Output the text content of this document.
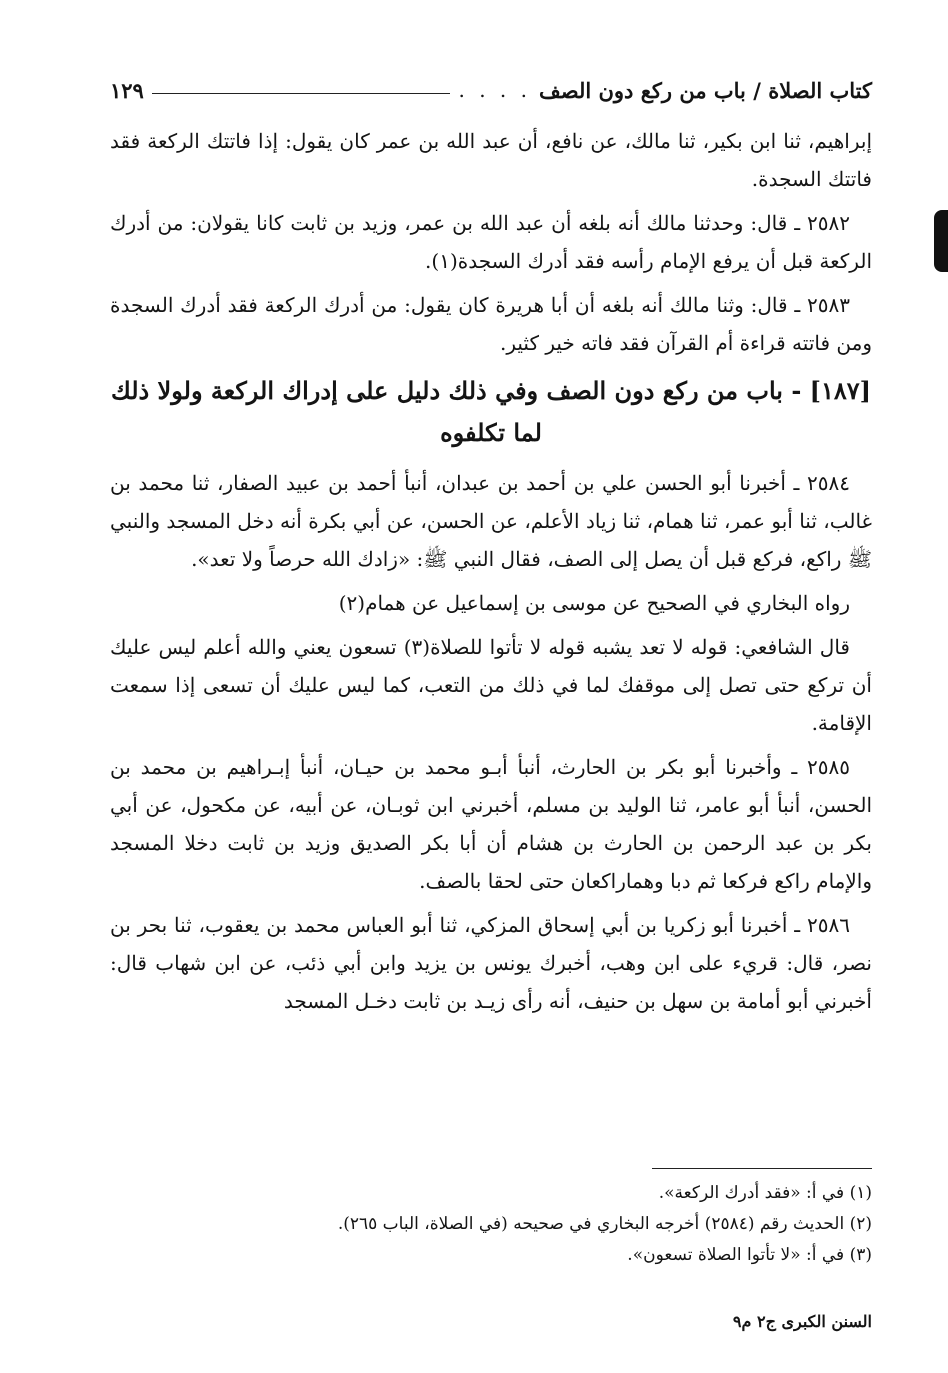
كتاب الصلاة / باب من ركع دون الصف
. . . .
١٢٩

إبراهيم، ثنا ابن بكير، ثنا مالك، عن نافع، أن عبد الله بن عمر كان يقول: إذا فاتتك الركعة فقد فاتتك السجدة.

٢٥٨٢ ـ قال: وحدثنا مالك أنه بلغه أن عبد الله بن عمر، وزيد بن ثابت كانا يقولان: من أدرك الركعة قبل أن يرفع الإمام رأسه فقد أدرك السجدة(١).

٢٥٨٣ ـ قال: وثنا مالك أنه بلغه أن أبا هريرة كان يقول: من أدرك الركعة فقد أدرك السجدة ومن فاتته قراءة أم القرآن فقد فاته خير كثير.

[١٨٧] - باب من ركع دون الصف وفي ذلك دليل على إدراك الركعة ولولا ذلك لما تكلفوه

٢٥٨٤ ـ أخبرنا أبو الحسن علي بن أحمد بن عبدان، أنبأ أحمد بن عبيد الصفار، ثنا محمد بن غالب، ثنا أبو عمر، ثنا همام، ثنا زياد الأعلم، عن الحسن، عن أبي بكرة أنه دخل المسجد والنبي ﷺ راكع، فركع قبل أن يصل إلى الصف، فقال النبي ﷺ: «زادك الله حرصاً ولا تعد».

رواه البخاري في الصحيح عن موسى بن إسماعيل عن همام(٢)

قال الشافعي: قوله لا تعد يشبه قوله لا تأتوا للصلاة(٣) تسعون يعني والله أعلم ليس عليك أن تركع حتى تصل إلى موقفك لما في ذلك من التعب، كما ليس عليك أن تسعى إذا سمعت الإقامة.

٢٥٨٥ ـ وأخبرنا أبو بكر بن الحارث، أنبأ أبـو محمد بن حيـان، أنبأ إبـراهيم بن محمد بن الحسن، أنبأ أبو عامر، ثنا الوليد بن مسلم، أخبرني ابن ثوبـان، عن أبيه، عن مكحول، عن أبي بكر بن عبد الرحمن بن الحارث بن هشام أن أبا بكر الصديق وزيد بن ثابت دخلا المسجد والإمام راكع فركعا ثم دبا وهماراكعان حتى لحقا بالصف.

٢٥٨٦ ـ أخبرنا أبو زكريا بن أبي إسحاق المزكي، ثنا أبو العباس محمد بن يعقوب، ثنا بحر بن نصر، قال: قريء على ابن وهب، أخبرك يونس بن يزيد وابن أبي ذئب، عن ابن شهاب قال: أخبرني أبو أمامة بن سهل بن حنيف، أنه رأى زيـد بن ثابت دخـل المسجد

(١) في أ: «فقد أدرك الركعة».
(٢) الحديث رقم (٢٥٨٤) أخرجه البخاري في صحيحه (في الصلاة، الباب ٢٦٥).
(٣) في أ: «لا تأتوا الصلاة تسعون».
السنن الكبرى ج٢ م٩
